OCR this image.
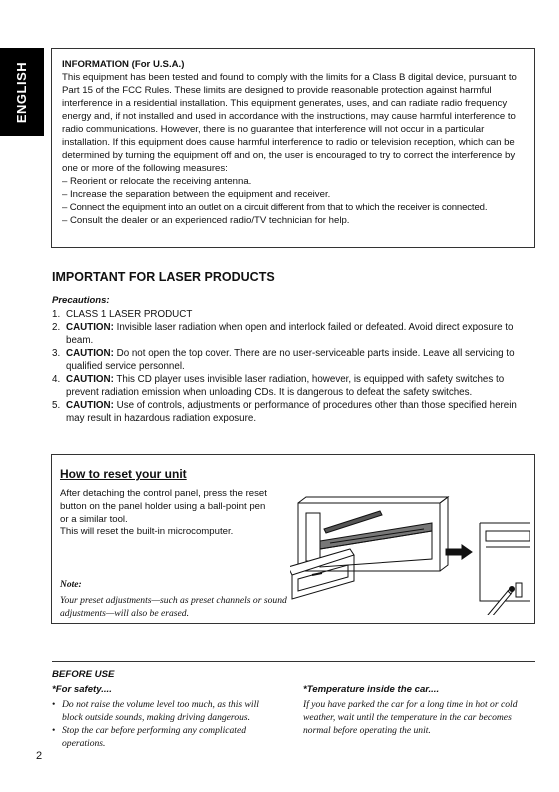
ENGLISH	INFORMATION (For U.S.A.)

This equipment has been tested and found to comply with the limits for a Class B digital device, pursuant to Part 15 of the FCC Rules. These limits are designed to provide reasonable protection against harmful interference in a residential installation. This equipment generates, uses, and can radiate radio frequency energy and, if not installed and used in accordance with the instructions, may cause harmful interference to radio communications. However, there is no guarantee that interference will not occur in a particular installation. If this equipment does cause harmful interference to radio or television reception, which can be determined by turning the equipment off and on, the user is encouraged to try to correct the interference by one or more of the following measures:

– Reorient or relocate the receiving antenna.
– Increase the separation between the equipment and receiver.
– Connect the equipment into an outlet on a circuit different from that to which the receiver is connected.
– Consult the dealer or an experienced radio/TV technician for help.
IMPORTANT FOR LASER PRODUCTS

Precautions:

1. CLASS 1 LASER PRODUCT
2. CAUTION: Invisible laser radiation when open and interlock failed or defeated. Avoid direct exposure to beam.
3. CAUTION: Do not open the top cover. There are no user-serviceable parts inside. Leave all servicing to qualified service personnel.
4. CAUTION: This CD player uses invisible laser radiation, however, is equipped with safety switches to prevent radiation emission when unloading CDs. It is dangerous to defeat the safety switches.
5. CAUTION: Use of controls, adjustments or performance of procedures other than those specified herein may result in hazardous radiation exposure.
How to reset your unit
After detaching the control panel, press the reset button on the panel holder using a ball-point pen or a similar tool.
This will reset the built-in microcomputer.
Note:
Your preset adjustments—such as preset channels or sound adjustments—will also be erased.
BEFORE USE
*For safety....
• Do not raise the volume level too much, as this will block outside sounds, making driving dangerous.
• Stop the car before performing any complicated operations.
*Temperature inside the car....
If you have parked the car for a long time in hot or cold weather, wait until the temperature in the car becomes normal before operating the unit.
2
